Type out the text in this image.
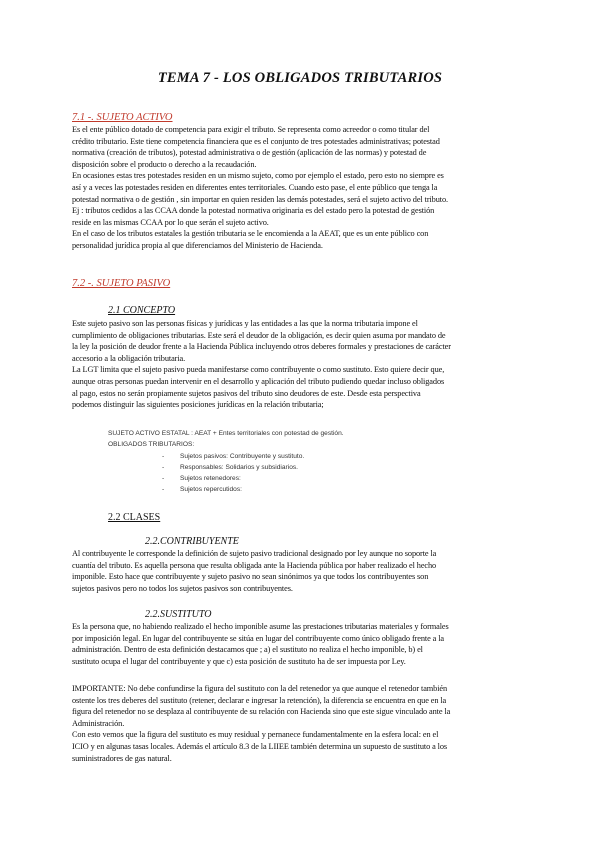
TEMA 7 - LOS OBLIGADOS TRIBUTARIOS
7.1 -. SUJETO ACTIVO
Es el ente público dotado de competencia para exigir el tributo. Se representa como acreedor o como titular del
crédito tributario. Este tiene competencia financiera que es el conjunto de tres potestades administrativas; potestad
normativa (creación de tributos), potestad administrativa o de gestión (aplicación de las normas) y potestad de
disposición sobre el producto o derecho a la recaudación.
En ocasiones estas tres potestades residen en un mismo sujeto, como por ejemplo el estado, pero esto no siempre es
así y a veces las potestades residen en diferentes entes territoriales. Cuando esto pase, el ente público que tenga la
potestad normativa o de gestión , sin importar en quien residen las demás potestades, será el sujeto activo del tributo.
Ej : tributos cedidos a las CCAA donde la potestad normativa originaria es del estado pero la potestad de gestión
reside en las mismas CCAA por lo que serán el sujeto activo.
En el caso de los tributos estatales la gestión tributaria se le encomienda a la AEAT, que es un ente público con
personalidad jurídica propia al que diferenciamos del Ministerio de Hacienda.
7.2 -. SUJETO PASIVO
2.1 CONCEPTO
Este sujeto pasivo son las personas físicas y jurídicas y las entidades a las que la norma tributaria impone el
cumplimiento de obligaciones tributarias. Este será el deudor de la obligación, es decir quien asuma por mandato de
la ley la posición de deudor frente a la Hacienda Pública incluyendo otros deberes formales y prestaciones de carácter
accesorio a la obligación tributaria.
La LGT limita que el sujeto pasivo pueda manifestarse como contribuyente o como sustituto. Esto quiere decir que,
aunque otras personas puedan intervenir en el desarrollo y aplicación del tributo pudiendo quedar incluso obligados
al pago, estos no serán propiamente sujetos pasivos del tributo sino deudores de este. Desde esta perspectiva
podemos distinguir las siguientes posiciones jurídicas en la relación tributaria;
SUJETO ACTIVO ESTATAL : AEAT + Entes territoriales con potestad de gestión.
OBLIGADOS TRIBUTARIOS:
- Sujetos pasivos: Contribuyente y sustituto.
- Responsables: Solidarios y subsidiarios.
- Sujetos retenedores:
- Sujetos repercutidos:
2.2 CLASES
2.2.CONTRIBUYENTE
Al contribuyente le corresponde la definición de sujeto pasivo tradicional designado por ley aunque no soporte la
cuantía del tributo. Es aquella persona que resulta obligada ante la Hacienda pública por haber realizado el hecho
imponible. Esto hace que contribuyente y sujeto pasivo no sean sinónimos ya que todos los contribuyentes son
sujetos pasivos pero no todos los sujetos pasivos son contribuyentes.
2.2.SUSTITUTO
Es la persona que, no habiendo realizado el hecho imponible asume las prestaciones tributarias materiales y formales
por imposición legal. En lugar del contribuyente se sitúa en lugar del contribuyente como único obligado frente a la
administración. Dentro de esta definición destacamos que ; a) el sustituto no realiza el hecho imponible, b) el
sustituto ocupa el lugar del contribuyente y que c) esta posición de sustituto ha de ser impuesta por Ley.
IMPORTANTE: No debe confundirse la figura del sustituto con la del retenedor ya que aunque el retenedor también
ostente los tres deberes del sustituto (retener, declarar e ingresar la retención), la diferencia se encuentra en que en la
figura del retenedor no se desplaza al contribuyente de su relación con Hacienda sino que este sigue vinculado ante la
Administración.
Con esto vemos que la figura del sustituto es muy residual y pernanece fundamentalmente en la esfera local: en el
ICIO y en algunas tasas locales. Además el artículo 8.3 de la LIIEE también determina un supuesto de sustituto a los
suministradores de gas natural.
